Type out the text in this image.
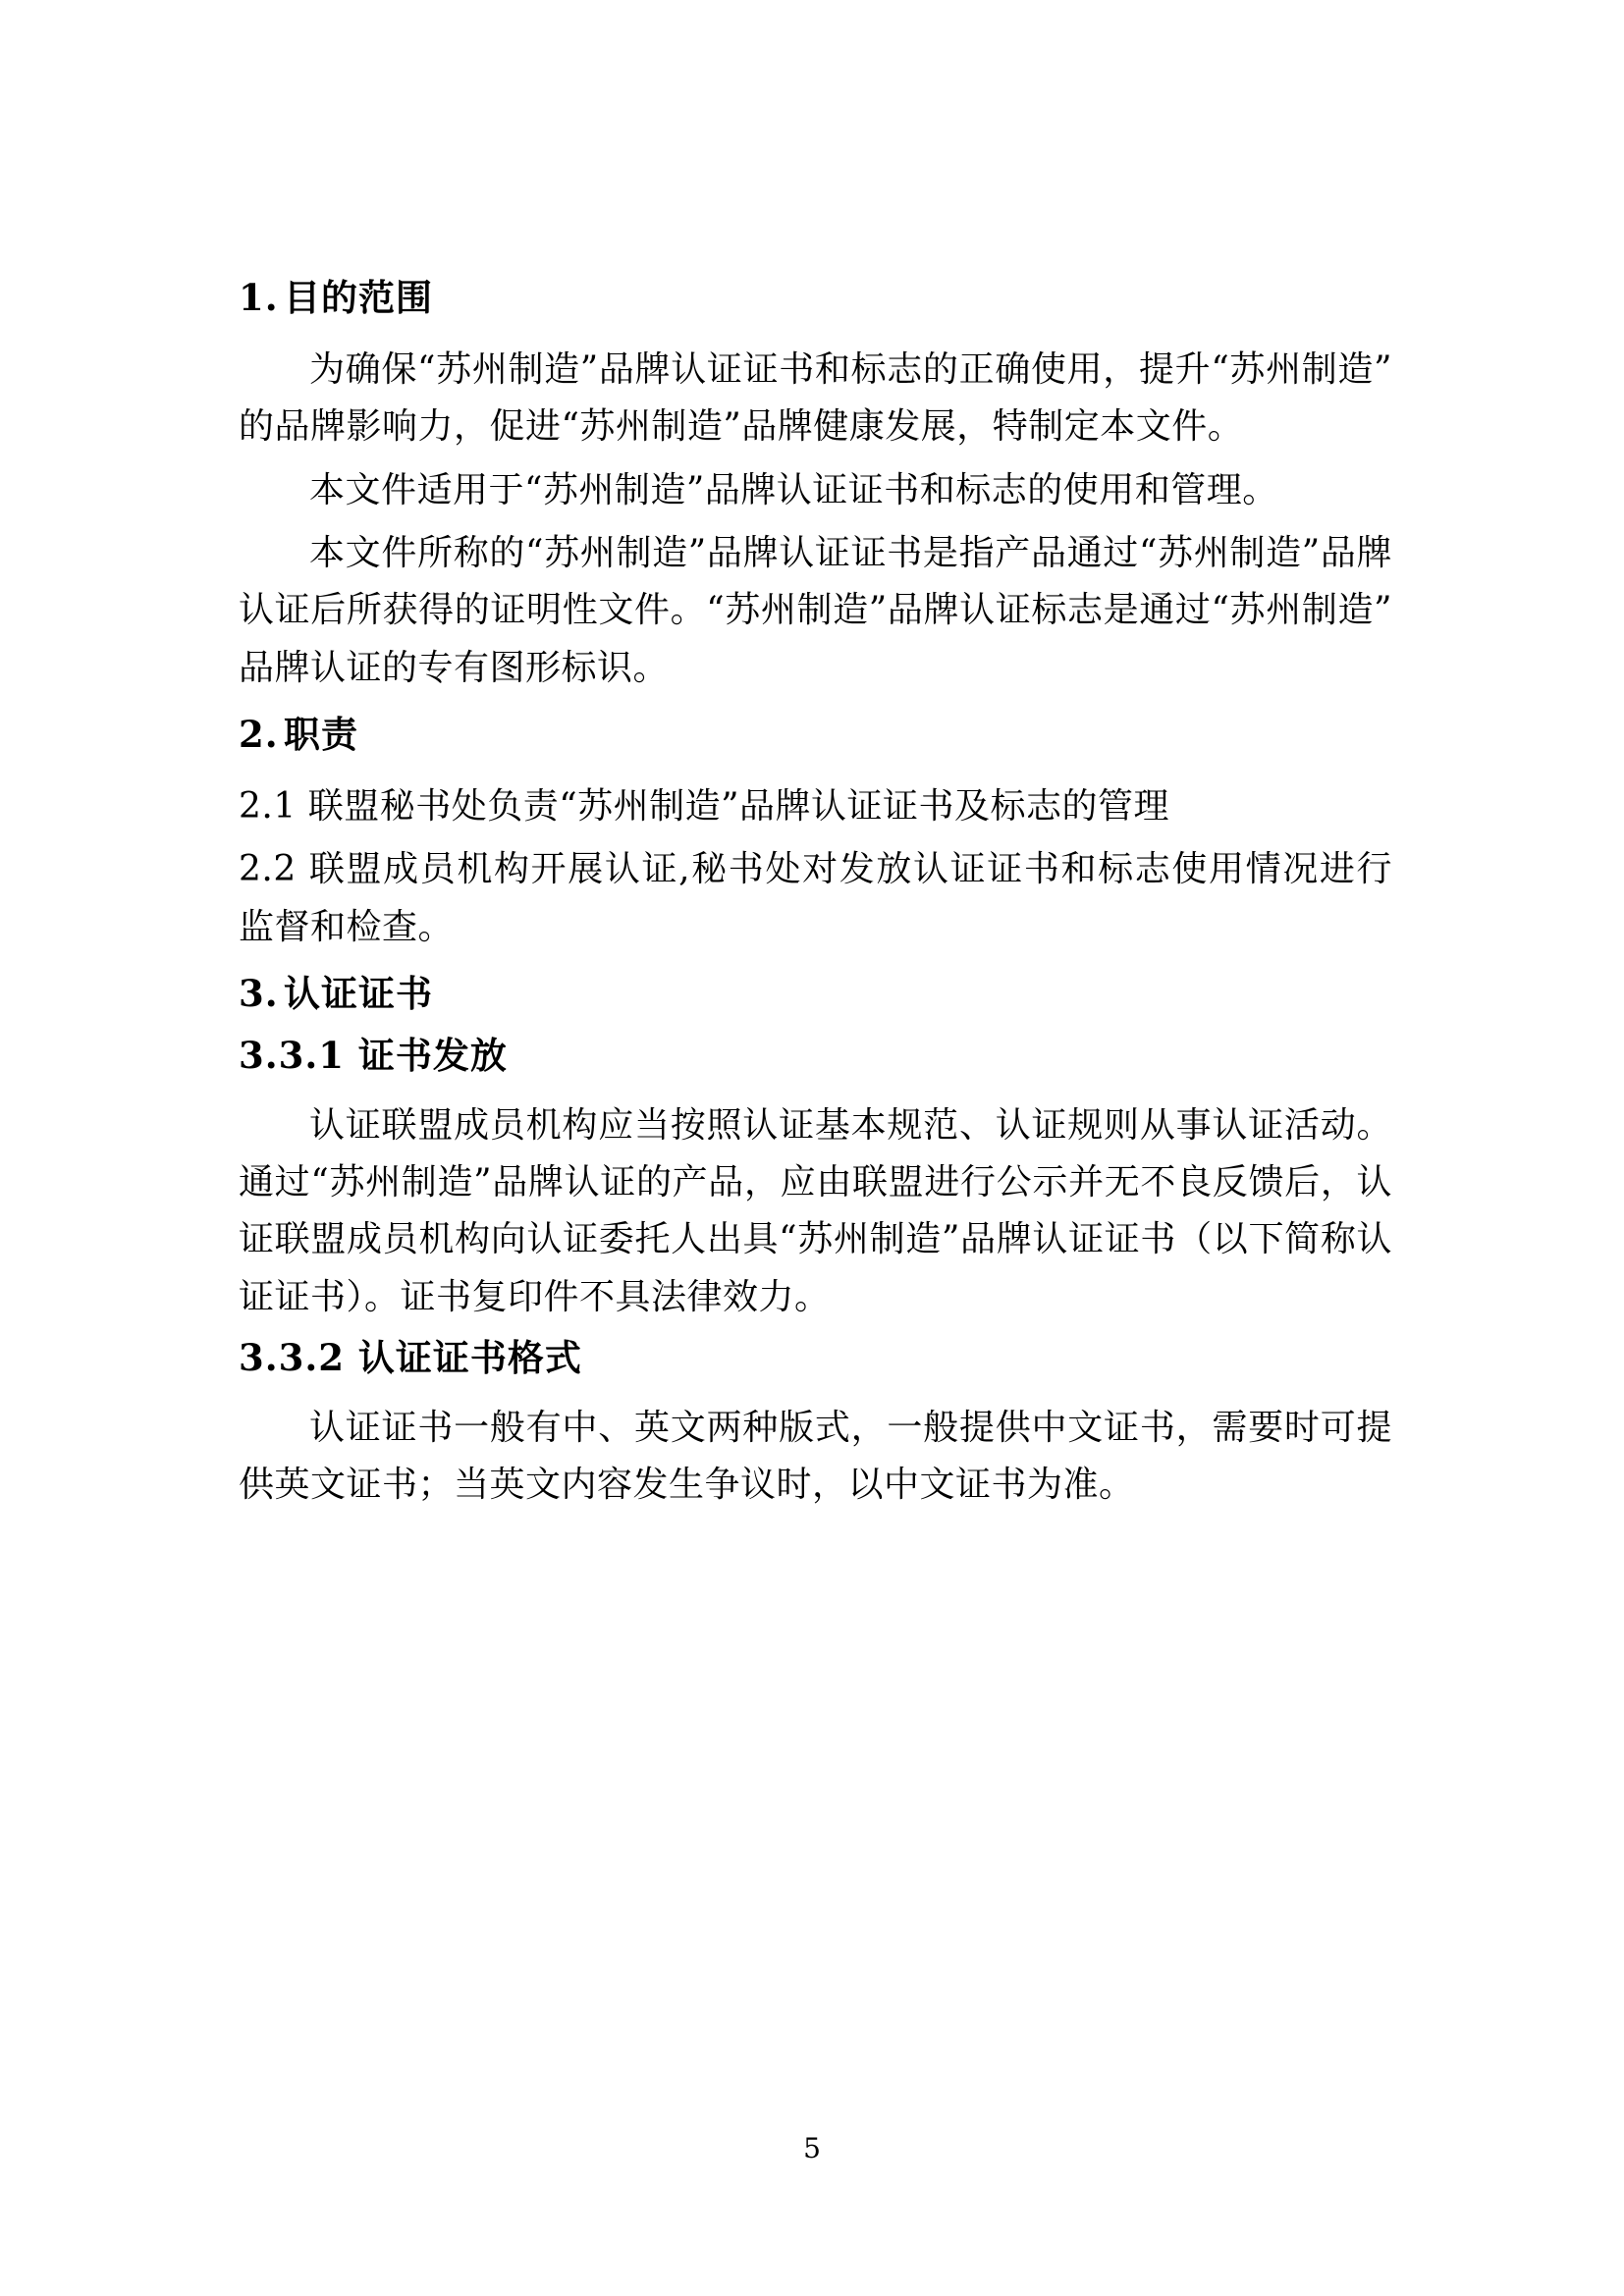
1. 目的范围

为确保“苏州制造”品牌认证证书和标志的正确使用，提升“苏州制造”的品牌影响力，促进“苏州制造”品牌健康发展，特制定本文件。

本文件适用于“苏州制造”品牌认证证书和标志的使用和管理。

本文件所称的“苏州制造”品牌认证证书是指产品通过“苏州制造”品牌认证后所获得的证明性文件。“苏州制造”品牌认证标志是通过“苏州制造”品牌认证的专有图形标识。

2. 职责

2.1 联盟秘书处负责“苏州制造”品牌认证证书及标志的管理

2.2 联盟成员机构开展认证,秘书处对发放认证证书和标志使用情况进行监督和检查。

3. 认证证书
3.3.1 证书发放

认证联盟成员机构应当按照认证基本规范、认证规则从事认证活动。通过“苏州制造”品牌认证的产品，应由联盟进行公示并无不良反馈后，认证联盟成员机构向认证委托人出具“苏州制造”品牌认证证书（以下简称认证证书）。证书复印件不具法律效力。

3.3.2 认证证书格式

认证证书一般有中、英文两种版式，一般提供中文证书，需要时可提供英文证书；当英文内容发生争议时，以中文证书为准。

5
